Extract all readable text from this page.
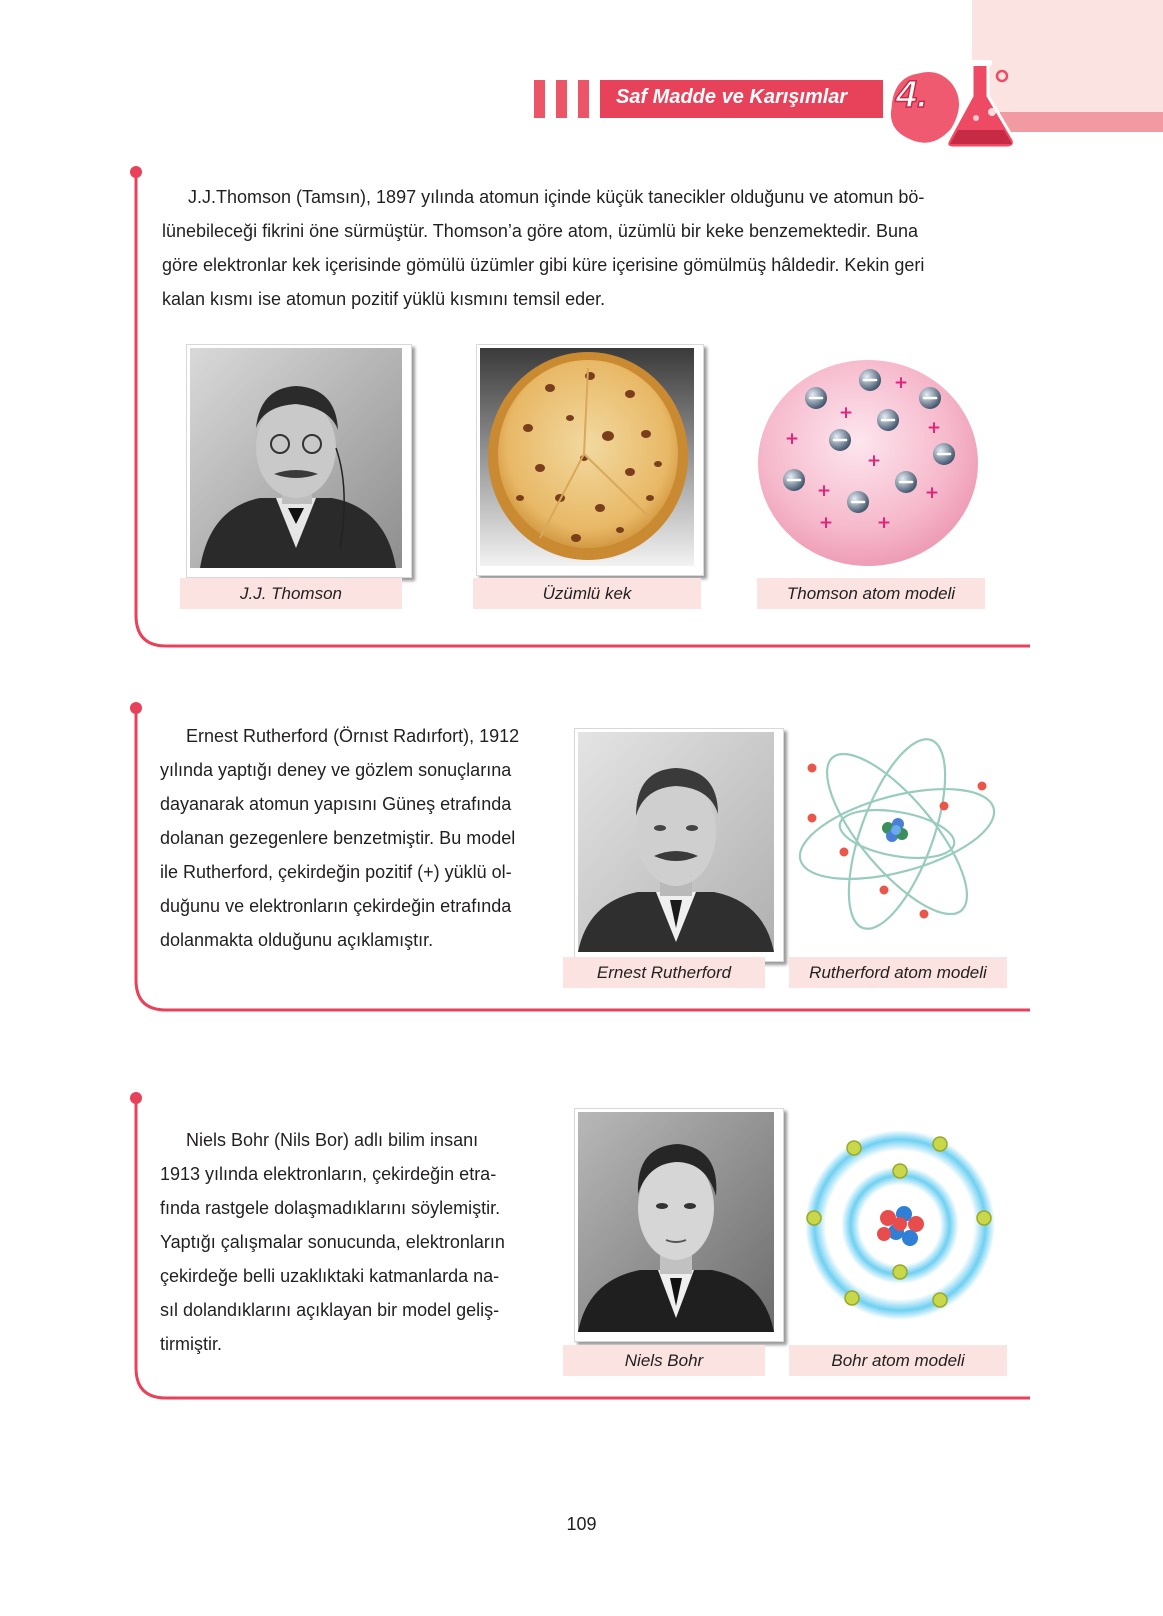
Saf Madde ve Karışımlar 4.
J.J.Thomson (Tamsın), 1897 yılında atomun içinde küçük tanecikler olduğunu ve atomun bö-
lünebileceği fikrini öne sürmüştür. Thomson’a göre atom, üzümlü bir keke benzemektedir. Buna
göre elektronlar kek içerisinde gömülü üzümler gibi küre içerisine gömülmüş hâldedir. Kekin geri
kalan kısmı ise atomun pozitif yüklü kısmını temsil eder.
J.J. Thomson	Üzümlü kek
+
+
+
+
+
+	+
+	+
Thomson atom modeli
Ernest Rutherford (Örnıst Radırfort), 1912
yılında yaptığı deney ve gözlem sonuçlarına
dayanarak atomun yapısını Güneş etrafında
dolanan gezegenlere benzetmiştir. Bu model
ile Rutherford, çekirdeğin pozitif (+) yüklü ol-
duğunu ve elektronların çekirdeğin etrafında
dolanmakta olduğunu açıklamıştır.
Ernest Rutherford	Rutherford atom modeli
Niels Bohr (Nils Bor) adlı bilim insanı
1913 yılında elektronların, çekirdeğin etra-
fında rastgele dolaşmadıklarını söylemiştir.
Yaptığı çalışmalar sonucunda, elektronların
çekirdeğe belli uzaklıktaki katmanlarda na-
sıl dolandıklarını açıklayan bir model geliş-
tirmiştir.
Niels Bohr	Bohr atom modeli
109
